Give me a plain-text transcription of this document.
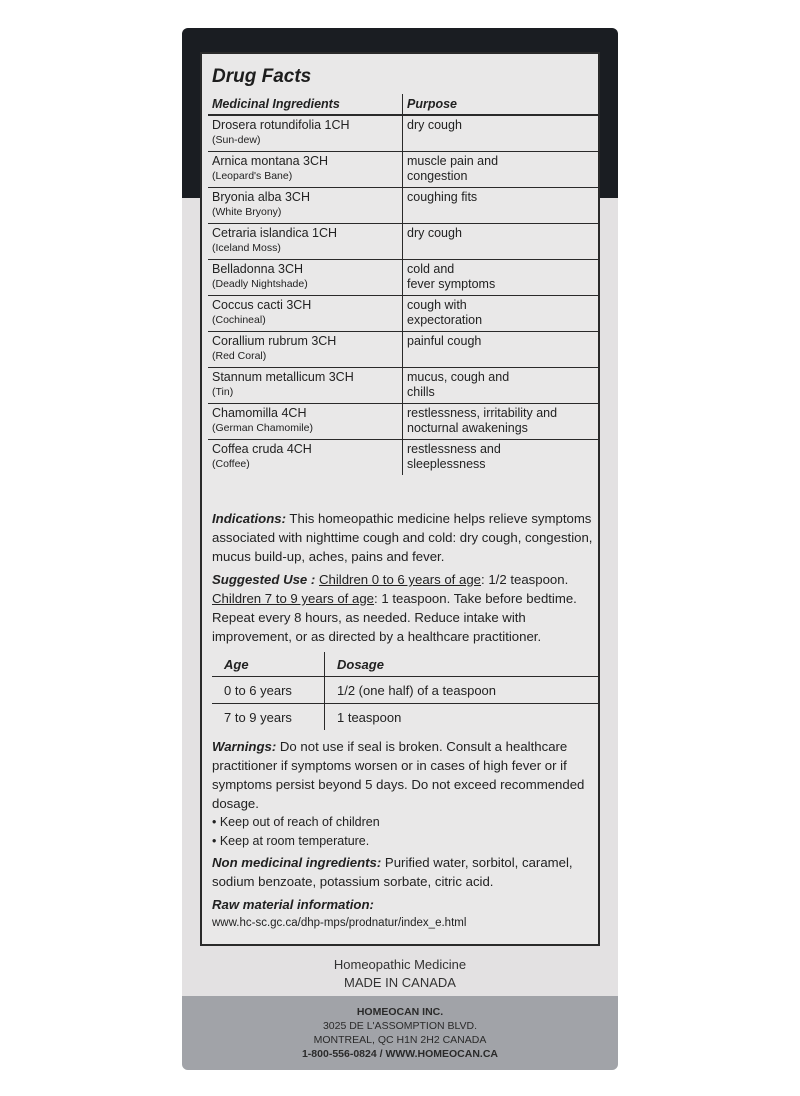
Drug Facts
Medicinal Ingredients	Purpose

Drosera rotundifolia 1CH
(Sun-dew)	dry cough

Arnica montana 3CH
(Leopard's Bane)	muscle pain and
congestion

Bryonia alba 3CH
(White Bryony)	coughing fits

Cetraria islandica 1CH
(Iceland Moss)	dry cough

Belladonna 3CH
(Deadly Nightshade)	cold and
fever symptoms

Coccus cacti 3CH
(Cochineal)	cough with
expectoration

Corallium rubrum 3CH
(Red Coral)	painful cough

Stannum metallicum 3CH
(Tin)	mucus, cough and
chills

Chamomilla 4CH
(German Chamomile)	restlessness, irritability and
nocturnal awakenings

Coffea cruda 4CH
(Coffee)	restlessness and
sleeplessness
Indications: This homeopathic medicine helps relieve symptoms associated with nighttime cough and cold: dry cough, congestion, mucus build-up, aches, pains and fever.
Suggested Use : Children 0 to 6 years of age: 1/2 teaspoon. Children 7 to 9 years of age: 1 teaspoon. Take before bedtime. Repeat every 8 hours, as needed. Reduce intake with improvement, or as directed by a healthcare practitioner.
Age	Dosage
0 to 6 years	1/2 (one half) of a teaspoon
7 to 9 years	1 teaspoon
Warnings: Do not use if seal is broken. Consult a healthcare practitioner if symptoms worsen or in cases of high fever or if symptoms persist beyond 5 days. Do not exceed recommended dosage.
• Keep out of reach of children
• Keep at room temperature.
Non medicinal ingredients: Purified water, sorbitol, caramel, sodium benzoate, potassium sorbate, citric acid.
Raw material information:
www.hc-sc.gc.ca/dhp-mps/prodnatur/index_e.html
Homeopathic Medicine
MADE IN CANADA
HOMEOCAN INC.
3025 DE L'ASSOMPTION BLVD.
MONTREAL, QC H1N 2H2 CANADA
1-800-556-0824 / WWW.HOMEOCAN.CA
